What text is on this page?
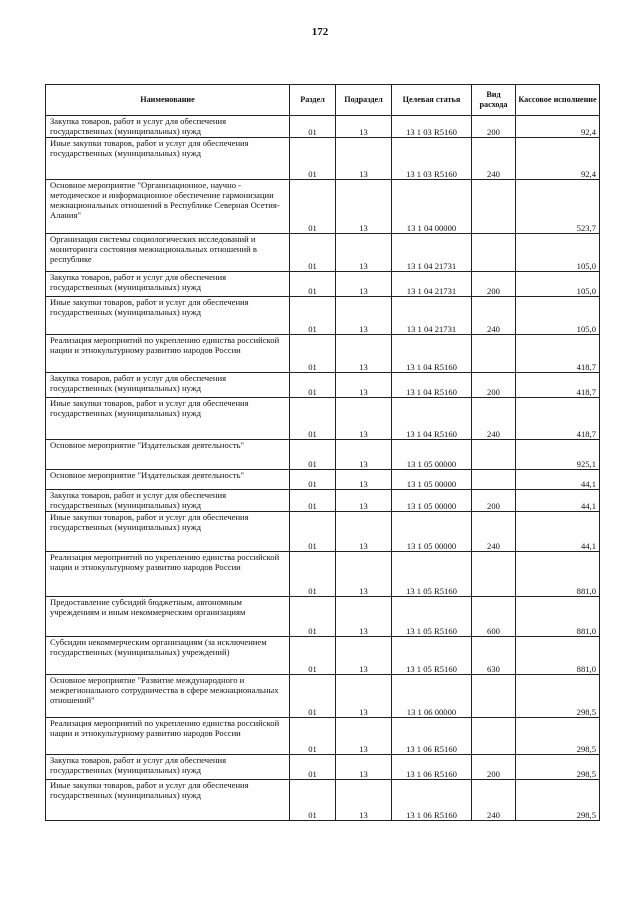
172
Наименование	Раздел	Подраздел	Целевая статья	Вид расхода	Кассовое исполнение
Закупка товаров, работ и услуг для обеспечения государственных (муниципальных) нужд	01	13	13 1 03 R5160	200	92,4
Иные закупки товаров, работ и услуг для обеспечения государственных (муниципальных) нужд	01	13	13 1 03 R5160	240	92,4
Основное мероприятие "Организационное, научно - методическое и информационное обеспечение гармонизации межнациональных отношений в Республике Северная Осетия-Алания"	01	13	13 1 04 00000		523,7
Организация системы социологических исследований и мониторинга состояния межнациональных отношений в республике	01	13	13 1 04 21731		105,0
Закупка товаров, работ и услуг для обеспечения государственных (муниципальных) нужд	01	13	13 1 04 21731	200	105,0
Иные закупки товаров, работ и услуг для обеспечения государственных (муниципальных) нужд	01	13	13 1 04 21731	240	105,0
Реализация мероприятий по укреплению единства российской нации и этнокультурному развитию народов России	01	13	13 1 04 R5160		418,7
Закупка товаров, работ и услуг для обеспечения государственных (муниципальных) нужд	01	13	13 1 04 R5160	200	418,7
Иные закупки товаров, работ и услуг для обеспечения государственных (муниципальных) нужд	01	13	13 1 04 R5160	240	418,7
Основное мероприятие "Издательская деятельность"	01	13	13 1 05 00000		925,1
Основное мероприятие "Издательская деятельность"	01	13	13 1 05 00000		44,1
Закупка товаров, работ и услуг для обеспечения государственных (муниципальных) нужд	01	13	13 1 05 00000	200	44,1
Иные закупки товаров, работ и услуг для обеспечения государственных (муниципальных) нужд	01	13	13 1 05 00000	240	44,1
Реализация мероприятий по укреплению единства российской нации и этнокультурному развитию народов России	01	13	13 1 05 R5160		881,0
Предоставление субсидий бюджетным, автономным учреждениям и иным некоммерческим организациям	01	13	13 1 05 R5160	600	881,0
Субсидии некоммерческим организациям (за исключением государственных (муниципальных) учреждений)	01	13	13 1 05 R5160	630	881,0
Основное мероприятие "Развитие международного и межрегионального сотрудничества в сфере межнациональных отношений"	01	13	13 1 06 00000		298,5
Реализация мероприятий по укреплению единства российской нации и этнокультурному развитию народов России	01	13	13 1 06 R5160		298,5
Закупка товаров, работ и услуг для обеспечения государственных (муниципальных) нужд	01	13	13 1 06 R5160	200	298,5
Иные закупки товаров, работ и услуг для обеспечения государственных (муниципальных) нужд	01	13	13 1 06 R5160	240	298,5
